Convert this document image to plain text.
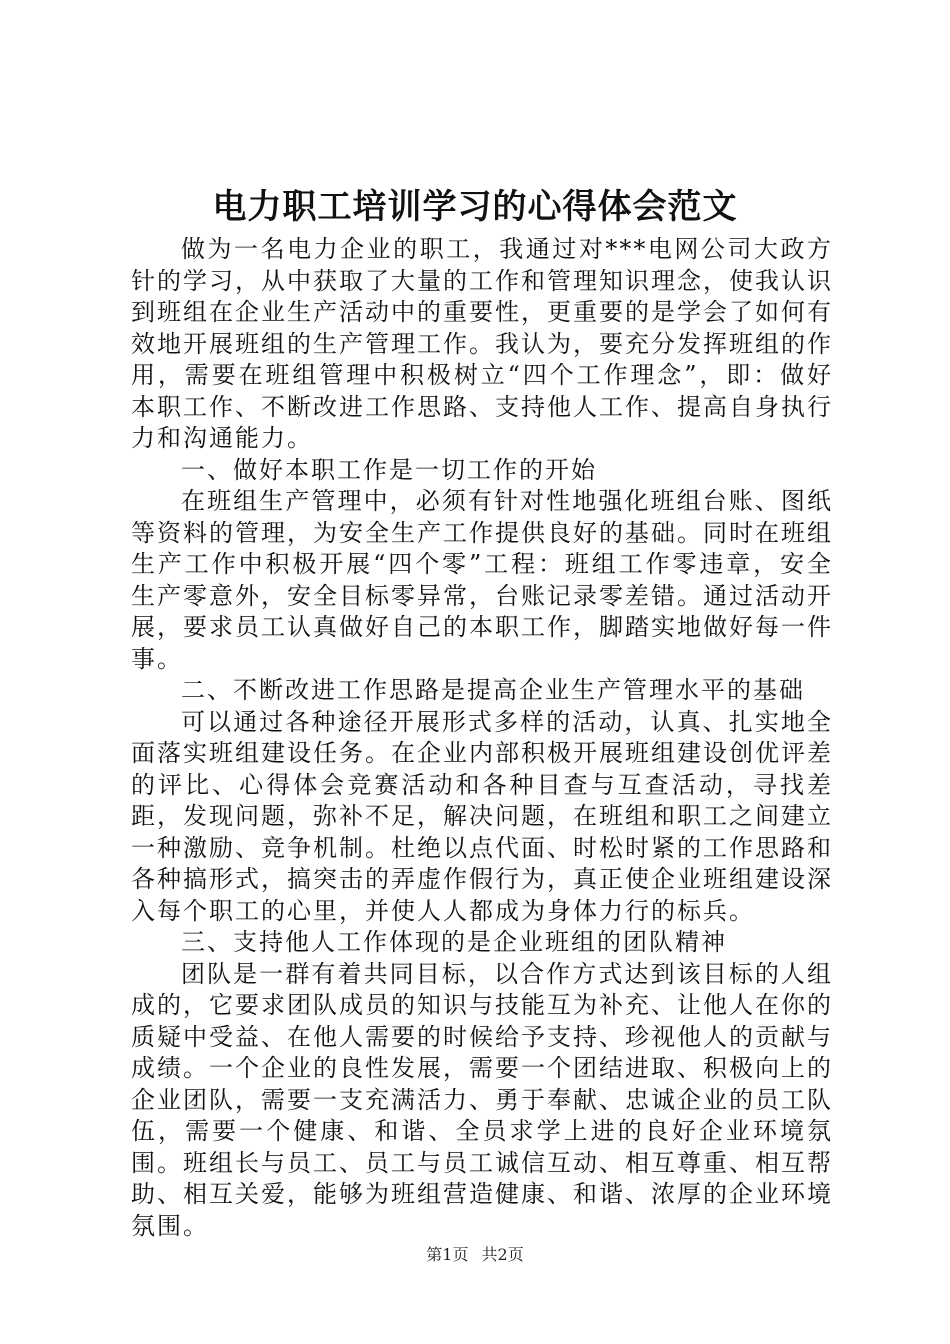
电力职工培训学习的心得体会范文

做为一名电力企业的职工，我通过对***电网公司大政方针的学习，从中获取了大量的工作和管理知识理念，使我认识到班组在企业生产活动中的重要性，更重要的是学会了如何有效地开展班组的生产管理工作。我认为，要充分发挥班组的作用，需要在班组管理中积极树立“四个工作理念”，即：做好本职工作、不断改进工作思路、支持他人工作、提高自身执行力和沟通能力。

一、做好本职工作是一切工作的开始

在班组生产管理中，必须有针对性地强化班组台账、图纸等资料的管理，为安全生产工作提供良好的基础。同时在班组生产工作中积极开展“四个零”工程：班组工作零违章，安全生产零意外，安全目标零异常，台账记录零差错。通过活动开展，要求员工认真做好自己的本职工作，脚踏实地做好每一件事。

二、不断改进工作思路是提高企业生产管理水平的基础

可以通过各种途径开展形式多样的活动，认真、扎实地全面落实班组建设任务。在企业内部积极开展班组建设创优评差的评比、心得体会竞赛活动和各种目查与互查活动，寻找差距，发现问题，弥补不足，解决问题，在班组和职工之间建立一种激励、竞争机制。杜绝以点代面、时松时紧的工作思路和各种搞形式，搞突击的弄虚作假行为，真正使企业班组建设深入每个职工的心里，并使人人都成为身体力行的标兵。

三、支持他人工作体现的是企业班组的团队精神

团队是一群有着共同目标，以合作方式达到该目标的人组成的，它要求团队成员的知识与技能互为补充、让他人在你的质疑中受益、在他人需要的时候给予支持、珍视他人的贡献与成绩。一个企业的良性发展，需要一个团结进取、积极向上的企业团队，需要一支充满活力、勇于奉献、忠诚企业的员工队伍，需要一个健康、和谐、全员求学上进的良好企业环境氛围。班组长与员工、员工与员工诚信互动、相互尊重、相互帮助、相互关爱，能够为班组营造健康、和谐、浓厚的企业环境氛围。

第1页 共2页
